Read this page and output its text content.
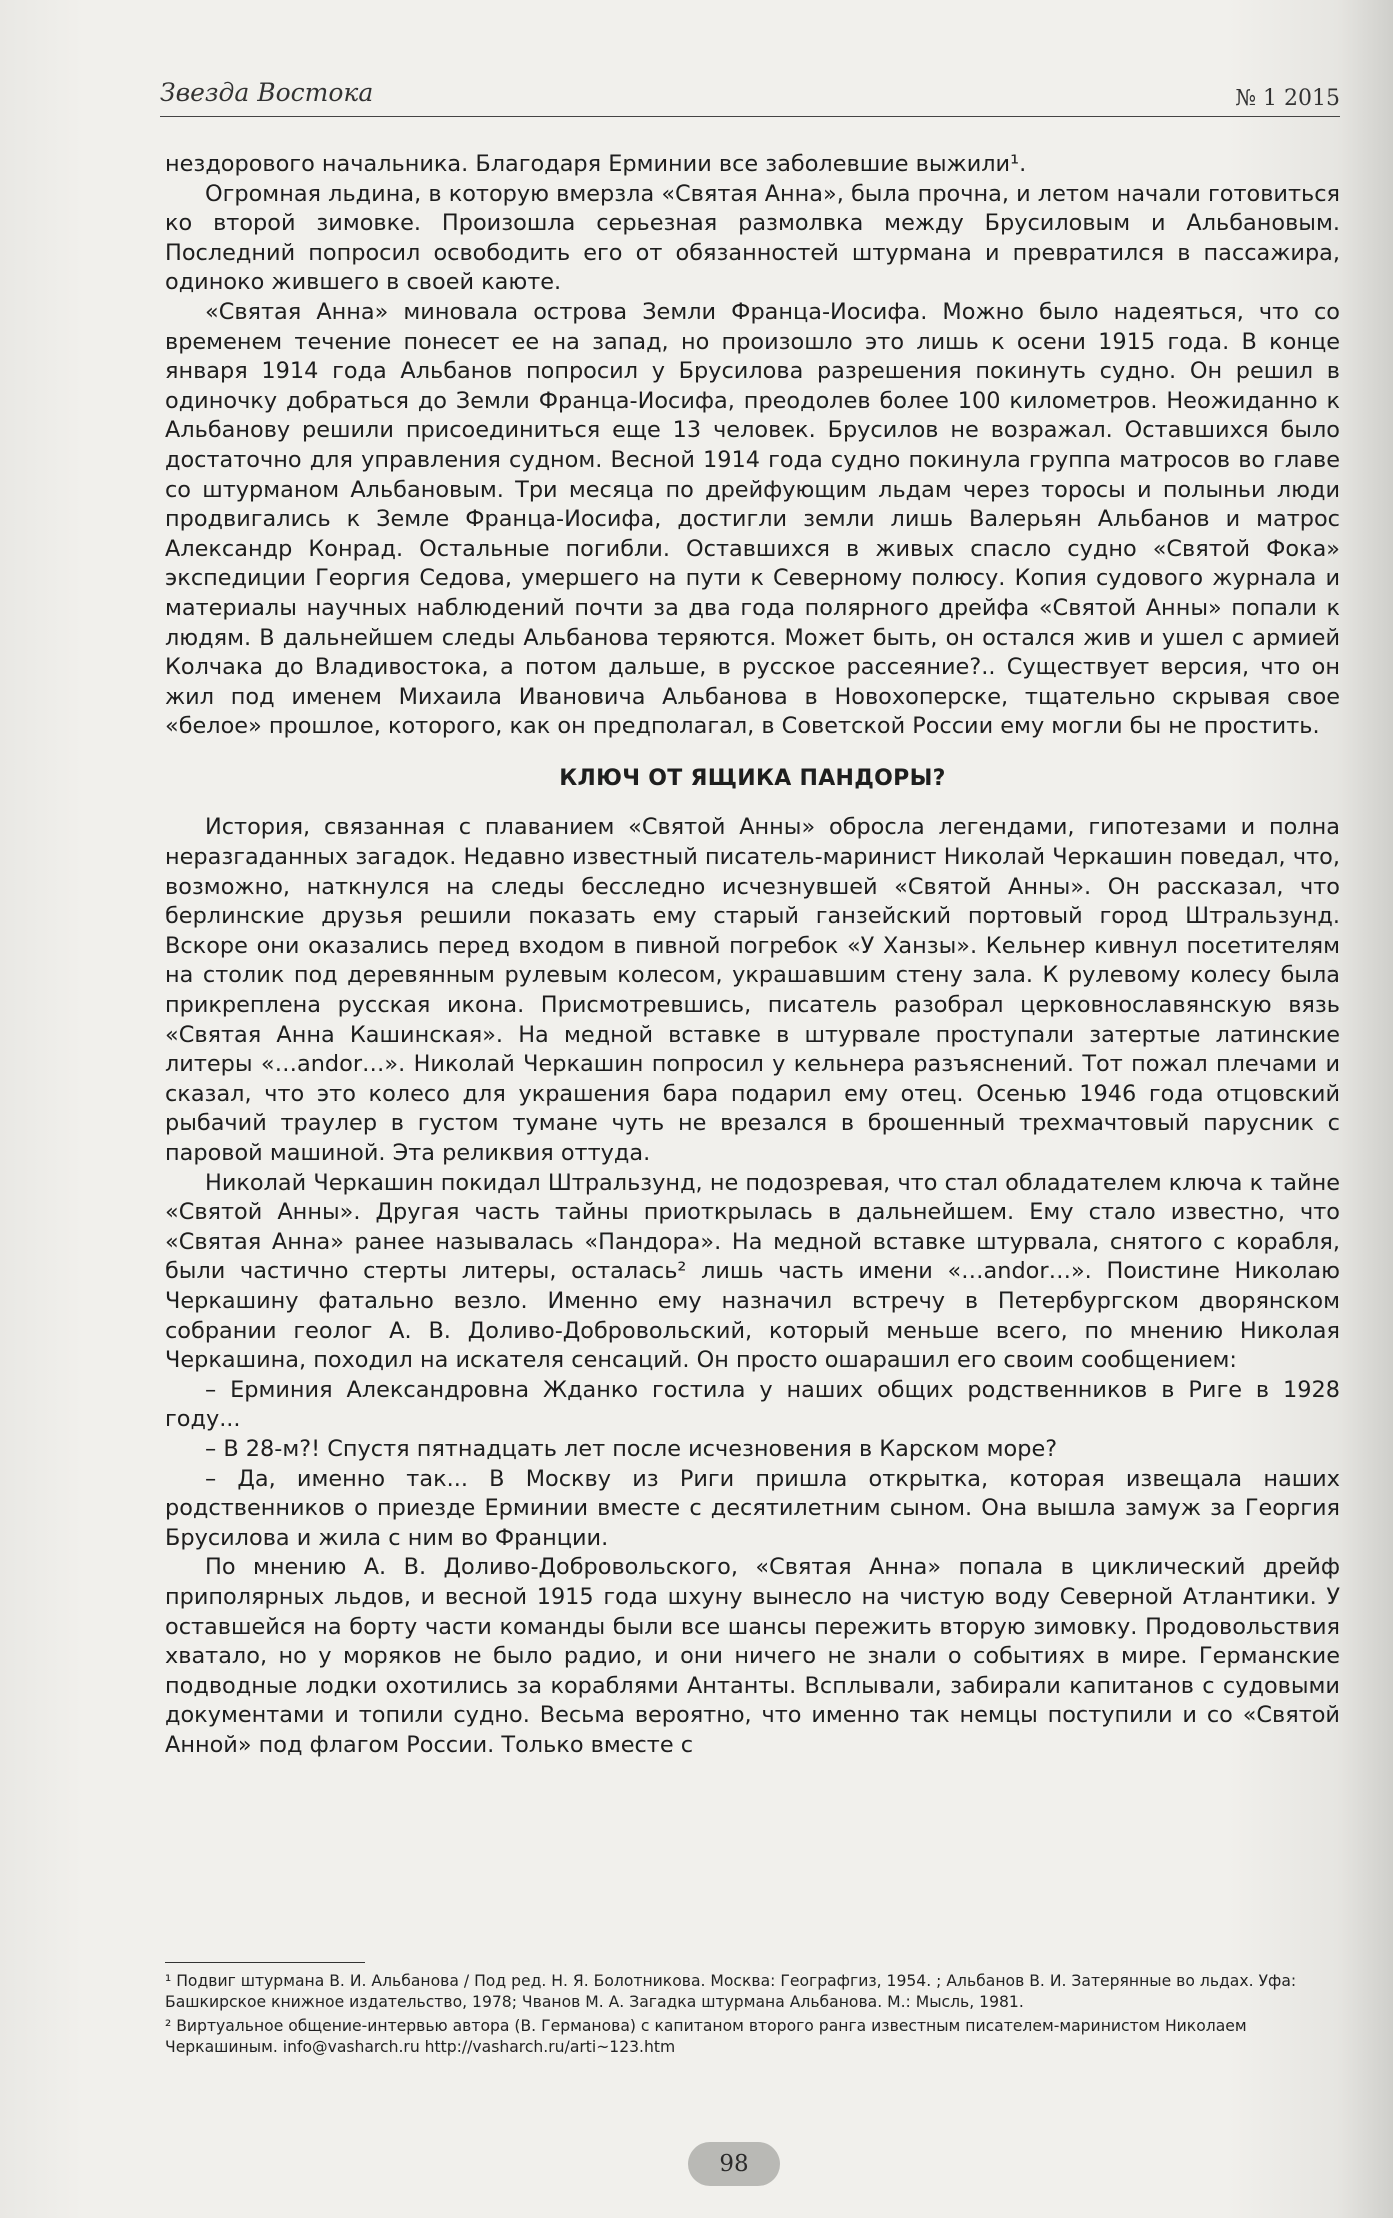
Звезда Востока	№ 1 2015

нездорового начальника. Благодаря Ерминии все заболевшие выжили¹.

Огромная льдина, в которую вмерзла «Святая Анна», была прочна, и летом начали готовиться ко второй зимовке. Произошла серьезная размолвка между Брусиловым и Альбановым. Последний попросил освободить его от обязанностей штурмана и превратился в пассажира, одиноко жившего в своей каюте.

«Святая Анна» миновала острова Земли Франца-Иосифа. Можно было надеяться, что со временем течение понесет ее на запад, но произошло это лишь к осени 1915 года. В конце января 1914 года Альбанов попросил у Брусилова разрешения покинуть судно. Он решил в одиночку добраться до Земли Франца-Иосифа, преодолев более 100 километров. Неожиданно к Альбанову решили присоединиться еще 13 человек. Брусилов не возражал. Оставшихся было достаточно для управления судном. Весной 1914 года судно покинула группа матросов во главе со штурманом Альбановым. Три месяца по дрейфующим льдам через торосы и полыньи люди продвигались к Земле Франца-Иосифа, достигли земли лишь Валерьян Альбанов и матрос Александр Конрад. Остальные погибли. Оставшихся в живых спасло судно «Святой Фока» экспедиции Георгия Седова, умершего на пути к Северному полюсу. Копия судового журнала и материалы научных наблюдений почти за два года полярного дрейфа «Святой Анны» попали к людям. В дальнейшем следы Альбанова теряются. Может быть, он остался жив и ушел с армией Колчака до Владивостока, а потом дальше, в русское рассеяние?.. Существует версия, что он жил под именем Михаила Ивановича Альбанова в Новохоперске, тщательно скрывая свое «белое» прошлое, которого, как он предполагал, в Советской России ему могли бы не простить.

КЛЮЧ ОТ ЯЩИКА ПАНДОРЫ?

История, связанная с плаванием «Святой Анны» обросла легендами, гипотезами и полна неразгаданных загадок. Недавно известный писатель-маринист Николай Черкашин поведал, что, возможно, наткнулся на следы бесследно исчезнувшей «Святой Анны». Он рассказал, что берлинские друзья решили показать ему старый ганзейский портовый город Штральзунд. Вскоре они оказались перед входом в пивной погребок «У Ханзы». Кельнер кивнул посетителям на столик под деревянным рулевым колесом, украшавшим стену зала. К рулевому колесу была прикреплена русская икона. Присмотревшись, писатель разобрал церковнославянскую вязь «Святая Анна Кашинская». На медной вставке в штурвале проступали затертые латинские литеры «…andor…». Николай Черкашин попросил у кельнера разъяснений. Тот пожал плечами и сказал, что это колесо для украшения бара подарил ему отец. Осенью 1946 года отцовский рыбачий траулер в густом тумане чуть не врезался в брошенный трехмачтовый парусник с паровой машиной. Эта реликвия оттуда.

Николай Черкашин покидал Штральзунд, не подозревая, что стал обладателем ключа к тайне «Святой Анны». Другая часть тайны приоткрылась в дальнейшем. Ему стало известно, что «Святая Анна» ранее называлась «Пандора». На медной вставке штурвала, снятого с корабля, были частично стерты литеры, осталась² лишь часть имени «…andor…». Поистине Николаю Черкашину фатально везло. Именно ему назначил встречу в Петербургском дворянском собрании геолог А. В. Доливо-Добровольский, который меньше всего, по мнению Николая Черкашина, походил на искателя сенсаций. Он просто ошарашил его своим сообщением:

– Ерминия Александровна Жданко гостила у наших общих родственников в Риге в 1928 году...

– В 28-м?! Спустя пятнадцать лет после исчезновения в Карском море?

– Да, именно так... В Москву из Риги пришла открытка, которая извещала наших родственников о приезде Ерминии вместе с десятилетним сыном. Она вышла замуж за Георгия Брусилова и жила с ним во Франции.

По мнению А. В. Доливо-Добровольского, «Святая Анна» попала в циклический дрейф приполярных льдов, и весной 1915 года шхуну вынесло на чистую воду Северной Атлантики. У оставшейся на борту части команды были все шансы пережить вторую зимовку. Продовольствия хватало, но у моряков не было радио, и они ничего не знали о событиях в мире. Германские подводные лодки охотились за кораблями Антанты. Всплывали, забирали капитанов с судовыми документами и топили судно. Весьма вероятно, что именно так немцы поступили и со «Святой Анной» под флагом России. Только вместе с

¹ Подвиг штурмана В. И. Альбанова / Под ред. Н. Я. Болотникова. Москва: Географгиз, 1954. ; Альбанов В. И. Затерянные во льдах. Уфа: Башкирское книжное издательство, 1978; Чванов М. А. Загадка штурмана Альбанова. М.: Мысль, 1981.

² Виртуальное общение-интервью автора (В. Германова) с капитаном второго ранга известным писателем-маринистом Николаем Черкашиным. info@vasharch.ru http://vasharch.ru/arti~123.htm

98
